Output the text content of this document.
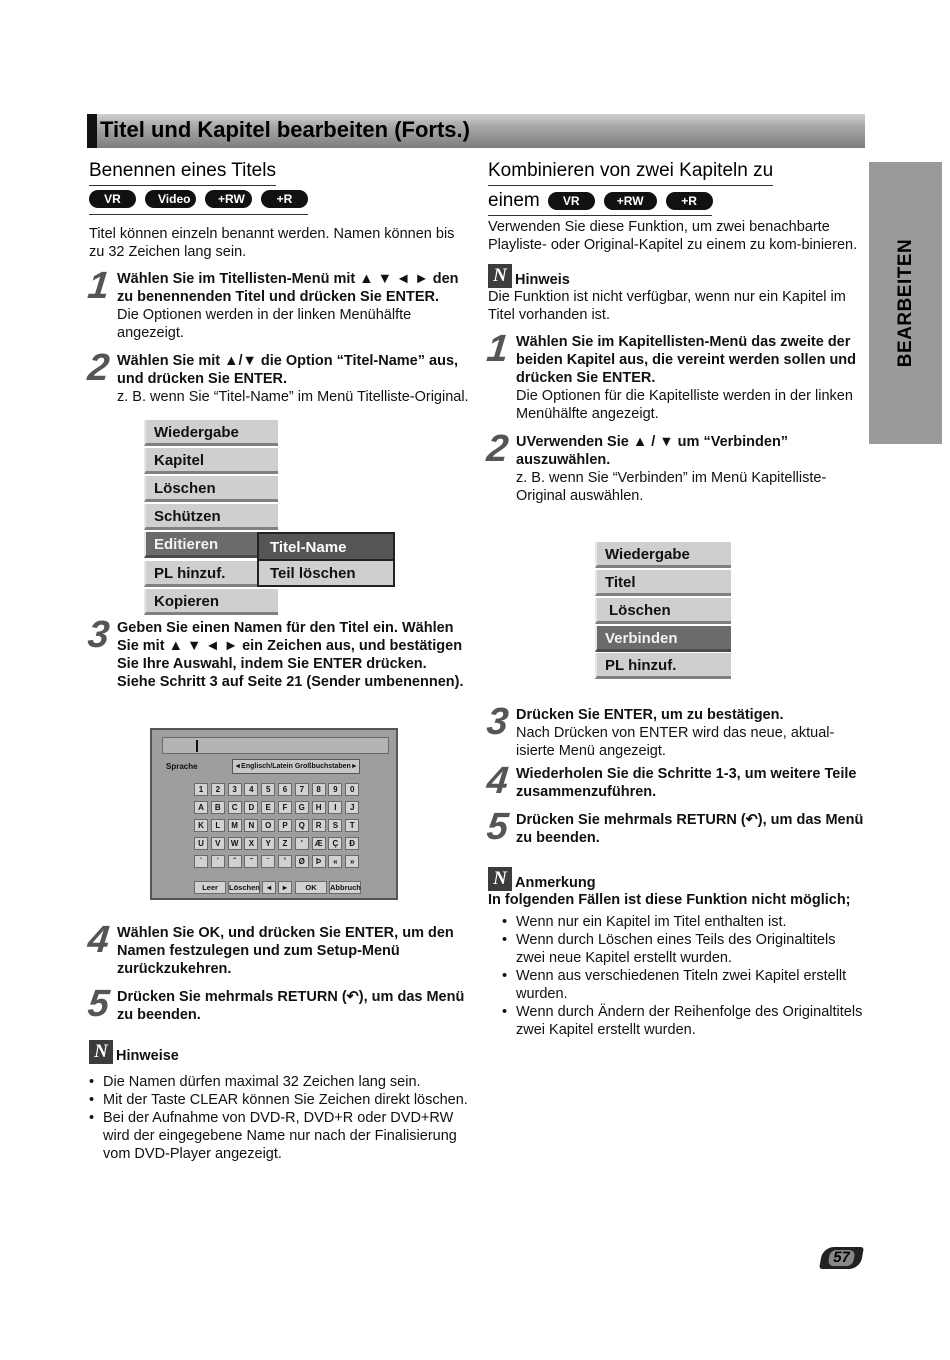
Titel und Kapitel bearbeiten (Forts.)
BEARBEITEN
Benennen eines Titels
VR	Video	+RW	+R

Titel können einzeln benannt werden. Namen können bis zu 32 Zeichen lang sein.

1 Wählen Sie im Titellisten-Menü mit ▲ ▼ ◄ ► den zu benennenden Titel und drücken Sie ENTER.
Die Optionen werden in der linken Menühälfte angezeigt.
2 Wählen Sie mit ▲/▼ die Option “Titel-Name” aus, und drücken Sie ENTER.
z. B. wenn Sie “Titel-Name” im Menü Titelliste-Original.
Wiedergabe
Kapitel
Löschen
Schützen
Editieren
PL hinzuf.
Kopieren
Titel-Name
Teil löschen
3 Geben Sie einen Namen für den Titel ein. Wählen Sie mit ▲ ▼ ◄ ► ein Zeichen aus, und bestätigen Sie Ihre Auswahl, indem Sie ENTER drücken. Siehe Schritt 3 auf Seite 21 (Sender umbenennen).
Sprache	◄Englisch/Latein Großbuchstaben►
1	2	3	4	5	6	7	8	9	0
A	B	C	D	E	F	G	H	I	J
K	L	M	N	O	P	Q	R	S	T
U	V	W	X	Y	Z	'	Æ	Ç	Ð
`	´	ˆ	˜	¨	˚	Ø	Þ	«	»
Leer	Löschen ◄	►	OK	Abbruch
4 Wählen Sie OK, und drücken Sie ENTER, um den Namen festzulegen und zum Setup-Menü zurückzukehren.
5 Drücken Sie mehrmals RETURN (↶), um das Menü zu beenden.
N Hinweise
• Die Namen dürfen maximal 32 Zeichen lang sein.
• Mit der Taste CLEAR können Sie Zeichen direkt löschen.
• Bei der Aufnahme von DVD-R, DVD+R oder DVD+RW wird der eingegebene Name nur nach der Finalisierung vom DVD-Player angezeigt.
Kombinieren von zwei Kapiteln zu
einem	VR	+RW	+R

Verwenden Sie diese Funktion, um zwei benachbarte Playliste- oder Original-Kapitel zu einem zu kom-binieren.

N Hinweis

Die Funktion ist nicht verfügbar, wenn nur ein Kapitel im Titel vorhanden ist.

1 Wählen Sie im Kapitellisten-Menü das zweite der beiden Kapitel aus, die vereint werden sollen und drücken Sie ENTER.
Die Optionen für die Kapitelliste werden in der linken Menühälfte angezeigt.
2 UVerwenden Sie ▲ / ▼ um “Verbinden” auszuwählen.
z. B. wenn Sie “Verbinden” im Menü Kapitelliste-Original auswählen.
Wiedergabe
Titel
Löschen
Verbinden
PL hinzuf.
3 Drücken Sie ENTER, um zu bestätigen.
Nach Drücken von ENTER wird das neue, aktual-isierte Menü angezeigt.
4 Wiederholen Sie die Schritte 1-3, um weitere Teile zusammenzuführen.
5 Drücken Sie mehrmals RETURN (↶), um das Menü zu beenden.
N Anmerkung

In folgenden Fällen ist diese Funktion nicht möglich;

• Wenn nur ein Kapitel im Titel enthalten ist.
• Wenn durch Löschen eines Teils des Originaltitels zwei neue Kapitel erstellt wurden.
• Wenn aus verschiedenen Titeln zwei Kapitel erstellt wurden.
• Wenn durch Ändern der Reihenfolge des Originaltitels zwei Kapitel erstellt wurden.
57
